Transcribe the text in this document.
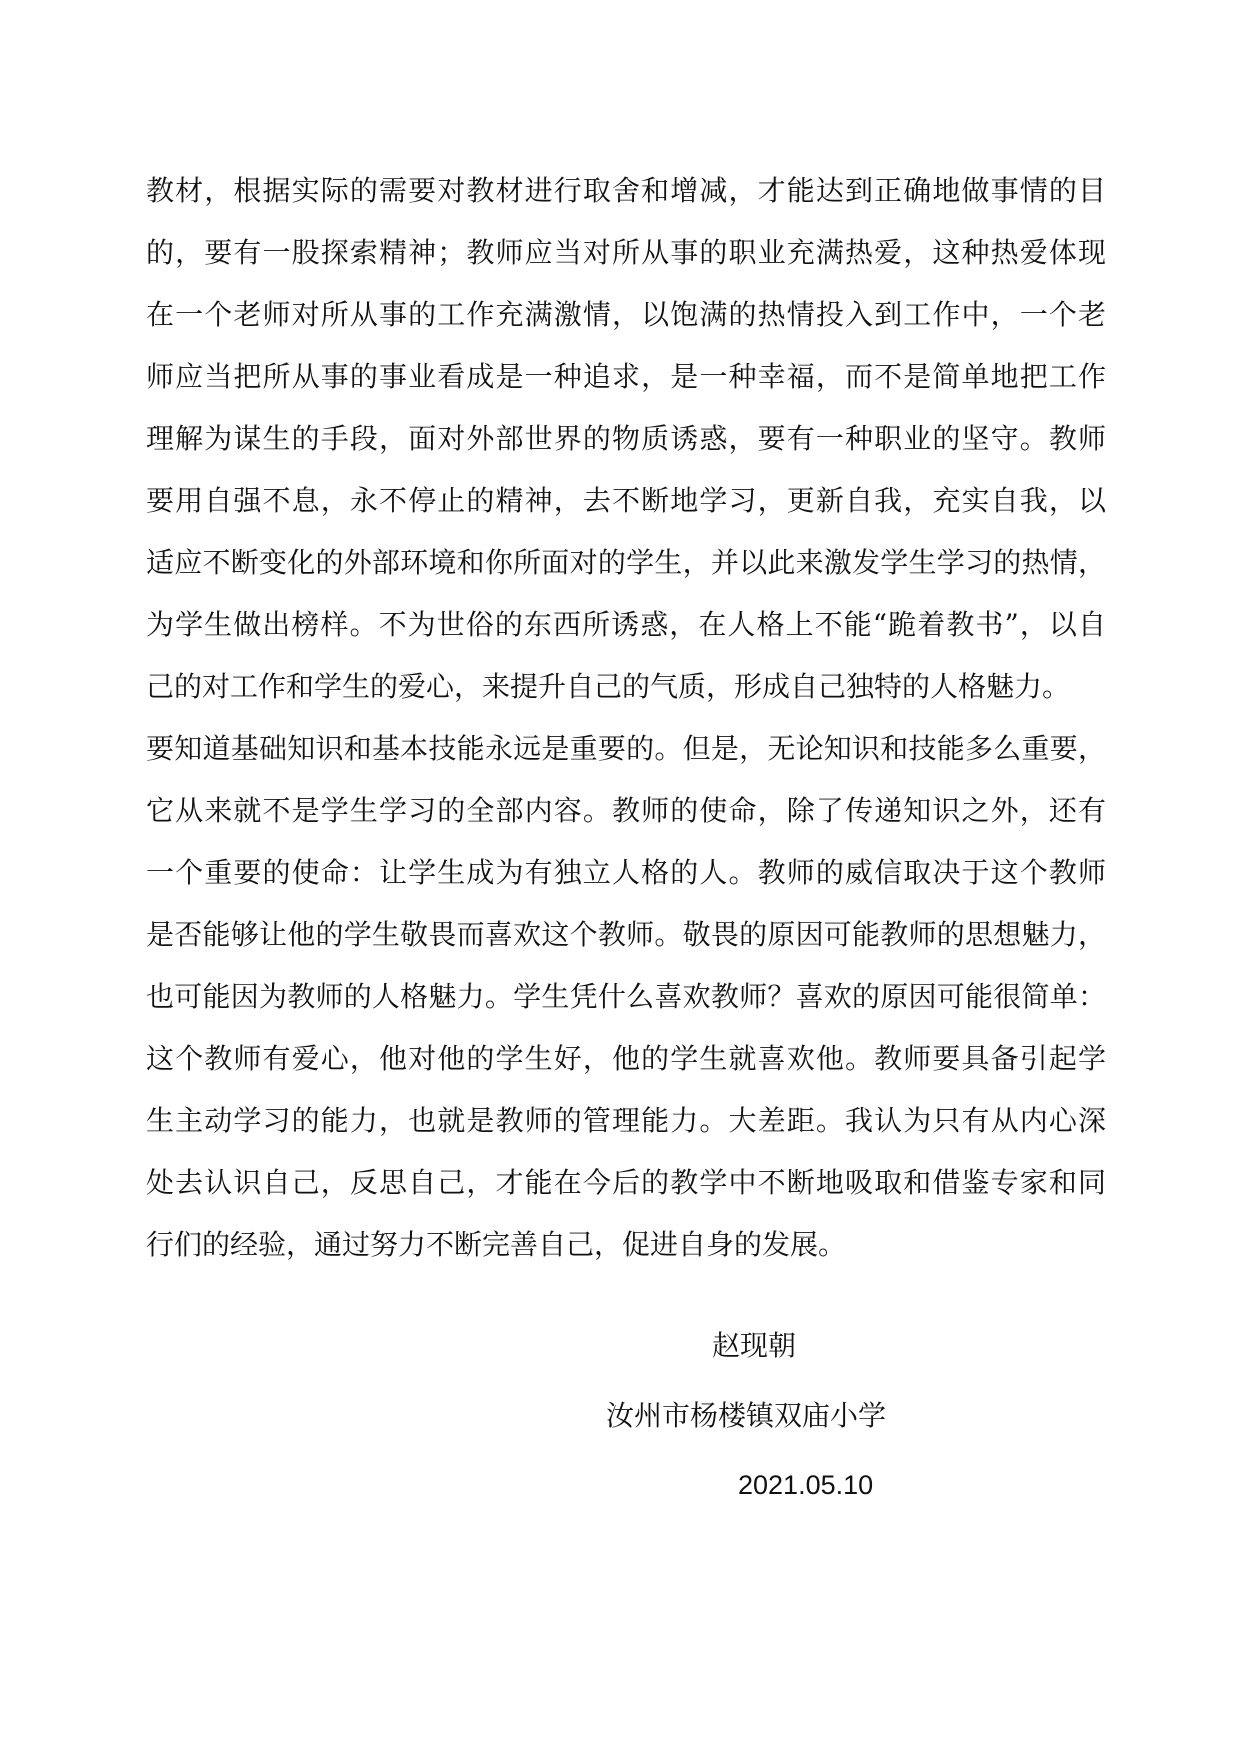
教材，根据实际的需要对教材进行取舍和增减，才能达到正确地做事情的目
的，要有一股探索精神；教师应当对所从事的职业充满热爱，这种热爱体现
在一个老师对所从事的工作充满激情，以饱满的热情投入到工作中，一个老
师应当把所从事的事业看成是一种追求，是一种幸福，而不是简单地把工作
理解为谋生的手段，面对外部世界的物质诱惑，要有一种职业的坚守。教师
要用自强不息，永不停止的精神，去不断地学习，更新自我，充实自我，以
适应不断变化的外部环境和你所面对的学生，并以此来激发学生学习的热情，
为学生做出榜样。不为世俗的东西所诱惑，在人格上不能“跪着教书”，以自
己的对工作和学生的爱心，来提升自己的气质，形成自己独特的人格魅力。
要知道基础知识和基本技能永远是重要的。但是，无论知识和技能多么重要，
它从来就不是学生学习的全部内容。教师的使命，除了传递知识之外，还有
一个重要的使命：让学生成为有独立人格的人。教师的威信取决于这个教师
是否能够让他的学生敬畏而喜欢这个教师。敬畏的原因可能教师的思想魅力，
也可能因为教师的人格魅力。学生凭什么喜欢教师？喜欢的原因可能很简单：
这个教师有爱心，他对他的学生好，他的学生就喜欢他。教师要具备引起学
生主动学习的能力，也就是教师的管理能力。大差距。我认为只有从内心深
处去认识自己，反思自己，才能在今后的教学中不断地吸取和借鉴专家和同
行们的经验，通过努力不断完善自己，促进自身的发展。
赵现朝
汝州市杨楼镇双庙小学
2021.05.10
